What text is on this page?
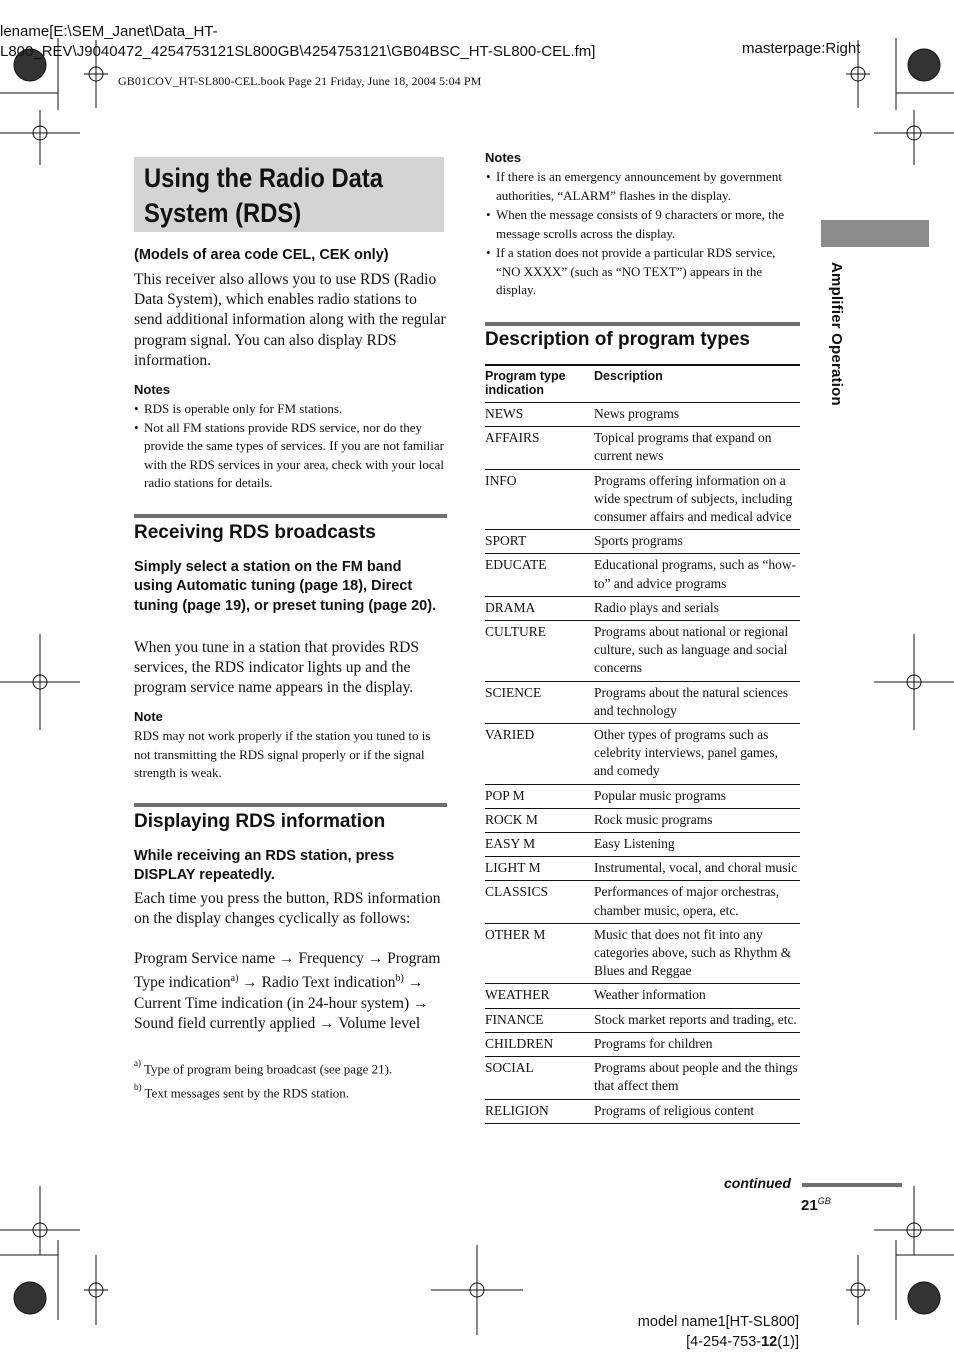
lename[E:\SEM_Janet\Data_HT-
L800_REV\J9040472_4254753121SL800GB\4254753121\GB04BSC_HT-SL800-CEL.fm]	masterpage:Right
GB01COV_HT-SL800-CEL.book Page 21 Friday, June 18, 2004 5:04 PM
Using the Radio Data System (RDS)
(Models of area code CEL, CEK only)
This receiver also allows you to use RDS (Radio Data System), which enables radio stations to send additional information along with the regular program signal. You can also display RDS information.
Notes
• RDS is operable only for FM stations.
• Not all FM stations provide RDS service, nor do they provide the same types of services. If you are not familiar with the RDS services in your area, check with your local radio stations for details.
Receiving RDS broadcasts
Simply select a station on the FM band using Automatic tuning (page 18), Direct tuning (page 19), or preset tuning (page 20).
When you tune in a station that provides RDS services, the RDS indicator lights up and the program service name appears in the display.
Note
RDS may not work properly if the station you tuned to is not transmitting the RDS signal properly or if the signal strength is weak.
Displaying RDS information
While receiving an RDS station, press DISPLAY repeatedly.
Each time you press the button, RDS information on the display changes cyclically as follows:
Program Service name → Frequency → Program Type indication$^{a)}$ → Radio Text indication$^{b)}$ → Current Time indication (in 24-hour system) → Sound field currently applied → Volume level
$^{a)}$ Type of program being broadcast (see page 21).
$^{b)}$ Text messages sent by the RDS station.
Notes
• If there is an emergency announcement by government authorities, “ALARM” flashes in the display.
• When the message consists of 9 characters or more, the message scrolls across the display.
• If a station does not provide a particular RDS service, “NO XXXX” (such as “NO TEXT”) appears in the display.
Description of program types
Program type indication	Description
NEWS	News programs
AFFAIRS	Topical programs that expand on current news
INFO	Programs offering information on a wide spectrum of subjects, including consumer affairs and medical advice
SPORT	Sports programs
EDUCATE	Educational programs, such as “how-to” and advice programs
DRAMA	Radio plays and serials
CULTURE	Programs about national or regional culture, such as language and social concerns
SCIENCE	Programs about the natural sciences and technology
VARIED	Other types of programs such as celebrity interviews, panel games, and comedy
POP M	Popular music programs
ROCK M	Rock music programs
EASY M	Easy Listening
LIGHT M	Instrumental, vocal, and choral music
CLASSICS	Performances of major orchestras, chamber music, opera, etc.
OTHER M	Music that does not fit into any categories above, such as Rhythm & Blues and Reggae
WEATHER	Weather information
FINANCE	Stock market reports and trading, etc.
CHILDREN	Programs for children
SOCIAL	Programs about people and the things that affect them
RELIGION	Programs of religious content
Amplifier Operation
continued
$21^{GB}$
model name1[HT-SL800]
[4-254-753-12(1)]
